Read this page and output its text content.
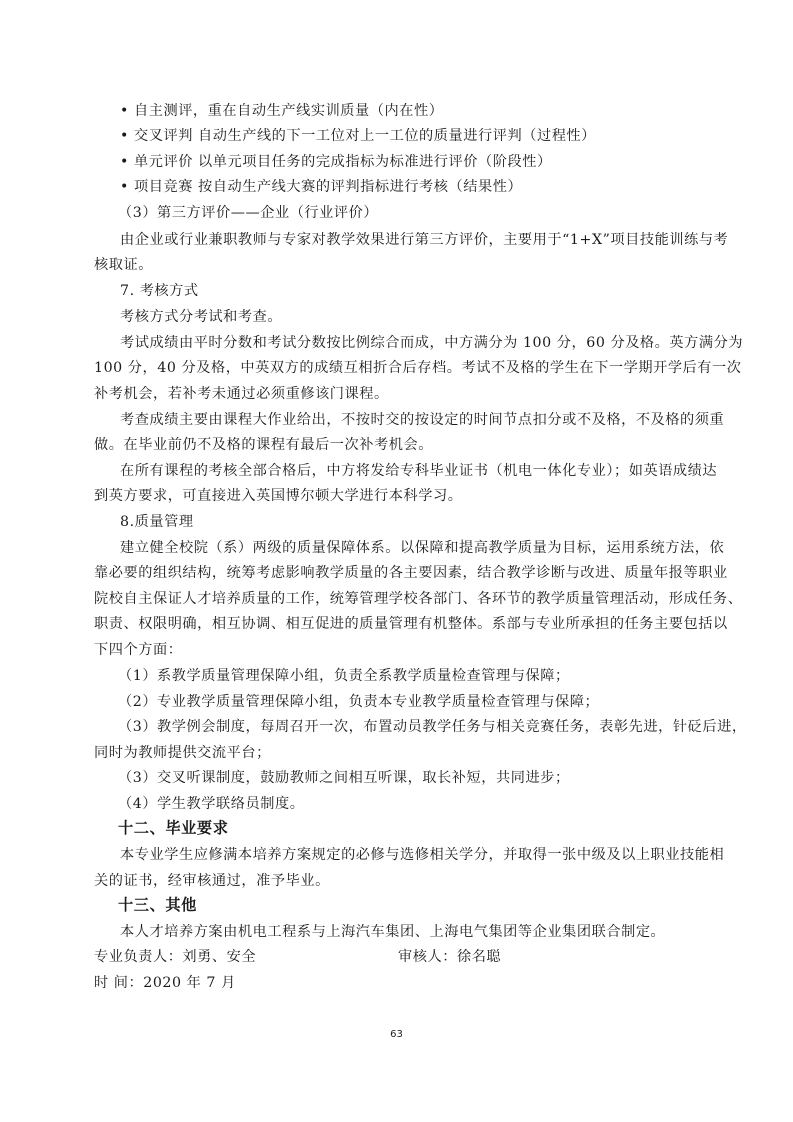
• 自主测评，重在自动生产线实训质量（内在性）
• 交叉评判 自动生产线的下一工位对上一工位的质量进行评判（过程性）
• 单元评价 以单元项目任务的完成指标为标准进行评价（阶段性）
• 项目竞赛 按自动生产线大赛的评判指标进行考核（结果性）
（3）第三方评价——企业（行业评价）
由企业或行业兼职教师与专家对教学效果进行第三方评价，主要用于“1+X”项目技能训练与考
核取证。
7. 考核方式
考核方式分考试和考查。
考试成绩由平时分数和考试分数按比例综合而成，中方满分为 100 分，60 分及格。英方满分为
100 分，40 分及格，中英双方的成绩互相折合后存档。考试不及格的学生在下一学期开学后有一次
补考机会，若补考未通过必须重修该门课程。
考查成绩主要由课程大作业给出，不按时交的按设定的时间节点扣分或不及格，不及格的须重
做。在毕业前仍不及格的课程有最后一次补考机会。
在所有课程的考核全部合格后，中方将发给专科毕业证书（机电一体化专业）；如英语成绩达
到英方要求，可直接进入英国博尔顿大学进行本科学习。
8.质量管理
建立健全校院（系）两级的质量保障体系。以保障和提高教学质量为目标，运用系统方法，依
靠必要的组织结构，统筹考虑影响教学质量的各主要因素，结合教学诊断与改进、质量年报等职业
院校自主保证人才培养质量的工作，统筹管理学校各部门、各环节的教学质量管理活动，形成任务、
职责、权限明确，相互协调、相互促进的质量管理有机整体。系部与专业所承担的任务主要包括以
下四个方面：
（1）系教学质量管理保障小组，负责全系教学质量检查管理与保障；
（2）专业教学质量管理保障小组，负责本专业教学质量检查管理与保障；
（3）教学例会制度，每周召开一次，布置动员教学任务与相关竞赛任务，表彰先进，针砭后进，
同时为教师提供交流平台；
（3）交叉听课制度，鼓励教师之间相互听课，取长补短，共同进步；
（4）学生教学联络员制度。
十二、毕业要求
本专业学生应修满本培养方案规定的必修与选修相关学分，并取得一张中级及以上职业技能相
关的证书，经审核通过，准予毕业。
十三、其他
本人才培养方案由机电工程系与上海汽车集团、上海电气集团等企业集团联合制定。
专业负责人：刘勇、安全	审核人：徐名聪
时 间：2020 年 7 月
63
